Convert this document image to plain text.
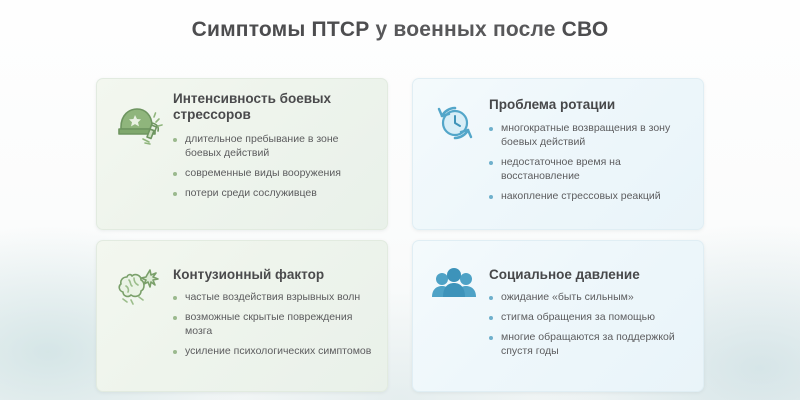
Симптомы ПТСР у военных после СВО
Интенсивность боевых стрессоров
длительное пребывание в зоне боевых действий
современные виды вооружения
потери среди сослуживцев
Проблема ротации
многократные возвращения в зону боевых действий
недостаточное время на восстановление
накопление стрессовых реакций
Контузионный фактор
частые воздействия взрывных волн
возможные скрытые повреждения мозга
усиление психологических симптомов
Социальное давление
ожидание «быть сильным»
стигма обращения за помощью
многие обращаются за поддержкой спустя годы
